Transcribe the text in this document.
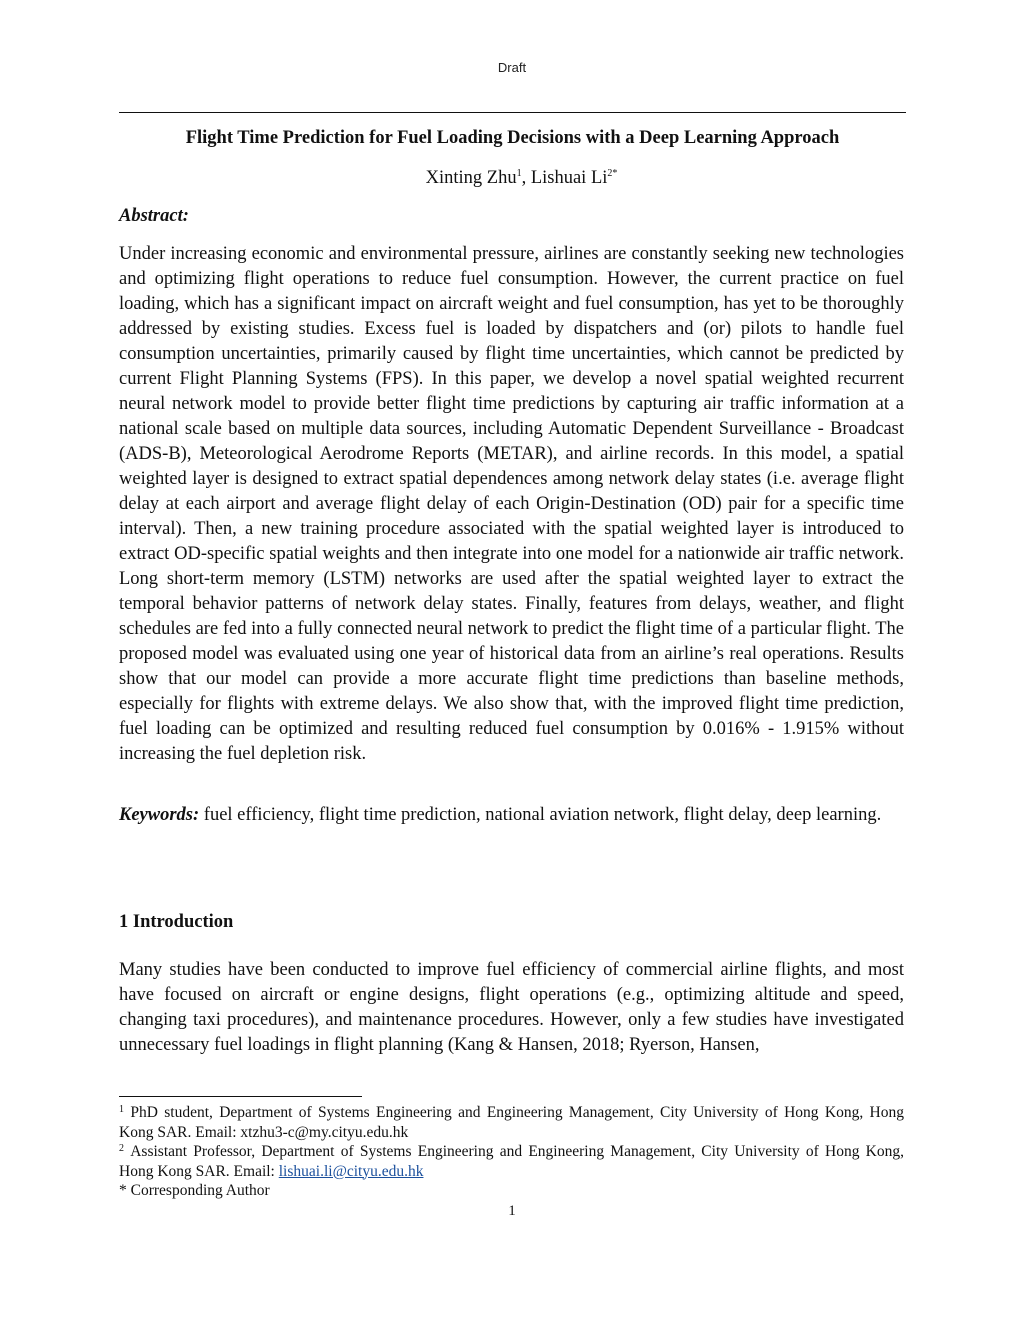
Draft
Flight Time Prediction for Fuel Loading Decisions with a Deep Learning Approach
Xinting Zhu$^1$, Lishuai $Li^{2*}$
Abstract:

Under increasing economic and environmental pressure, airlines are constantly seeking new technologies and optimizing flight operations to reduce fuel consumption. However, the current practice on fuel loading, which has a significant impact on aircraft weight and fuel consumption, has yet to be thoroughly addressed by existing studies. Excess fuel is loaded by dispatchers and (or) pilots to handle fuel consumption uncertainties, primarily caused by flight time uncertainties, which cannot be predicted by current Flight Planning Systems (FPS). In this paper, we develop a novel spatial weighted recurrent neural network model to provide better flight time predictions by capturing air traffic information at a national scale based on multiple data sources, including Automatic Dependent Surveillance - Broadcast (ADS-B), Meteorological Aerodrome Reports (METAR), and airline records. In this model, a spatial weighted layer is designed to extract spatial dependences among network delay states (i.e. average flight delay at each airport and average flight delay of each Origin-Destination (OD) pair for a specific time interval). Then, a new training procedure associated with the spatial weighted layer is introduced to extract OD-specific spatial weights and then integrate into one model for a nationwide air traffic network. Long short-term memory (LSTM) networks are used after the spatial weighted layer to extract the temporal behavior patterns of network delay states. Finally, features from delays, weather, and flight schedules are fed into a fully connected neural network to predict the flight time of a particular flight. The proposed model was evaluated using one year of historical data from an airline’s real operations. Results show that our model can provide a more accurate flight time predictions than baseline methods, especially for flights with extreme delays. We also show that, with the improved flight time prediction, fuel loading can be optimized and resulting reduced fuel consumption by 0.016% - 1.915% without increasing the fuel depletion risk.

Keywords: fuel efficiency, flight time prediction, national aviation network, flight delay, deep learning.

1 Introduction

Many studies have been conducted to improve fuel efficiency of commercial airline flights, and most have focused on aircraft or engine designs, flight operations (e.g., optimizing altitude and speed, changing taxi procedures), and maintenance procedures. However, only a few studies have investigated unnecessary fuel loadings in flight planning (Kang & Hansen, 2018; Ryerson, Hansen,

$^1$ PhD student, Department of Systems Engineering and Engineering Management, City University of Hong Kong, Hong Kong SAR. Email: xtzhu3-c@my.cityu.edu.hk

$^2$ Assistant Professor, Department of Systems Engineering and Engineering Management, City University of Hong Kong, Hong Kong SAR. Email: lishuai.li@cityu.edu.hk

* Corresponding Author

1
